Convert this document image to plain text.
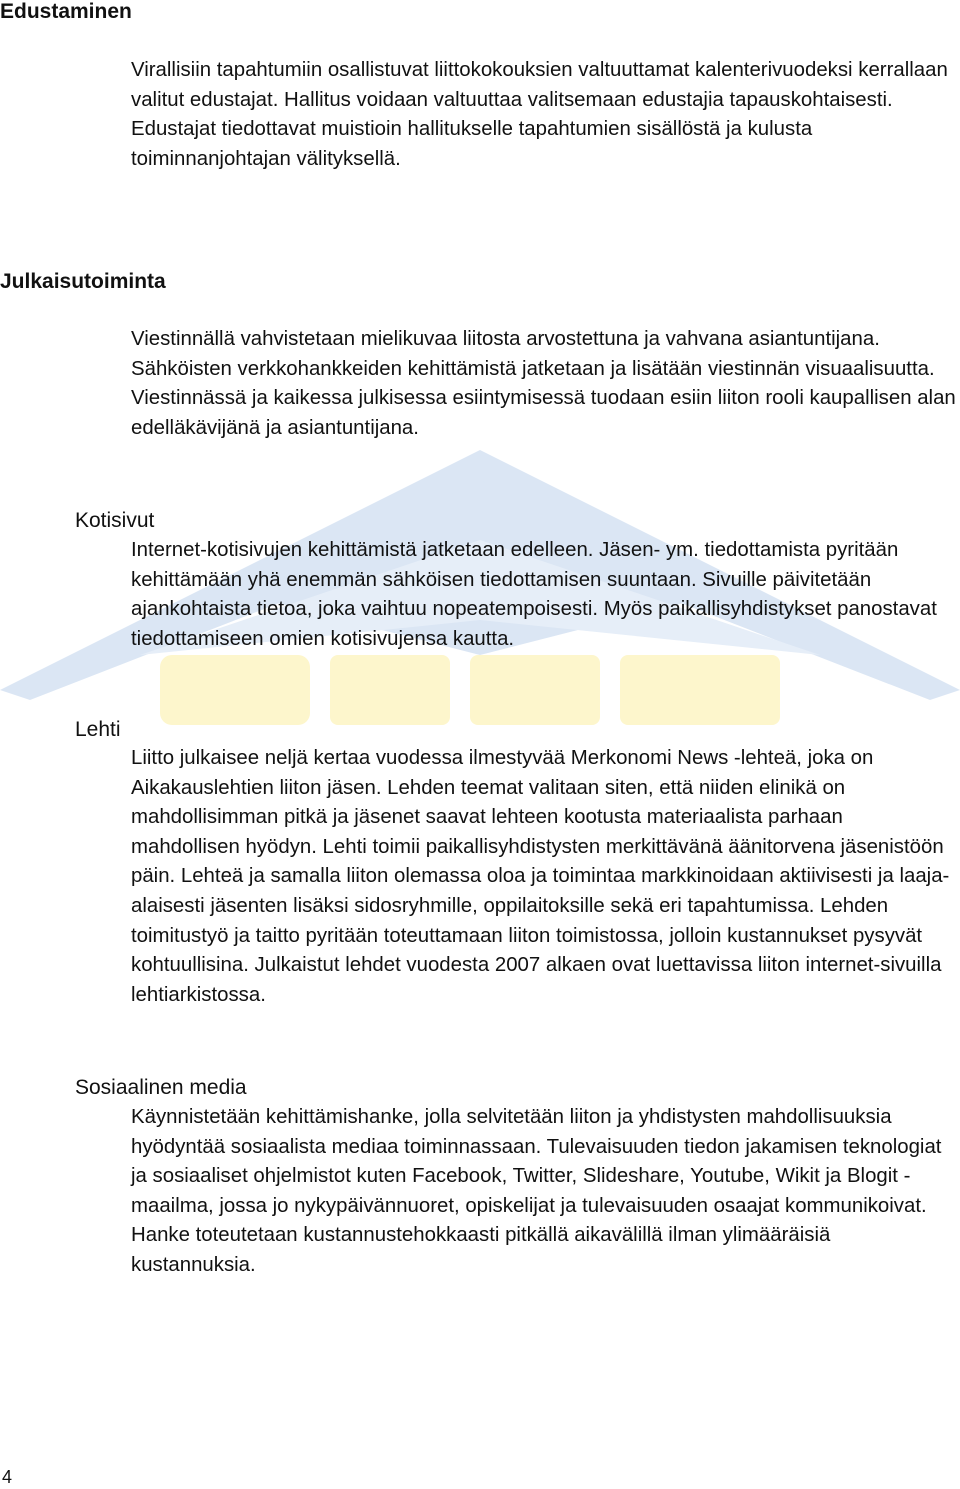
Edustaminen

Virallisiin tapahtumiin osallistuvat liittokokouksien valtuuttamat kalenterivuodeksi kerrallaan valitut edustajat. Hallitus voidaan valtuuttaa valitsemaan edustajia tapauskohtaisesti. Edustajat tiedottavat muistioin hallitukselle tapahtumien sisällöstä ja kulusta toiminnanjohtajan välityksellä.

Julkaisutoiminta

Viestinnällä vahvistetaan mielikuvaa liitosta arvostettuna ja vahvana asiantuntijana. Sähköisten verkkohankkeiden kehittämistä jatketaan ja lisätään viestinnän visuaalisuutta. Viestinnässä ja kaikessa julkisessa esiintymisessä tuodaan esiin liiton rooli kaupallisen alan edelläkävijänä ja asiantuntijana.

Kotisivut

Internet-kotisivujen kehittämistä jatketaan edelleen. Jäsen- ym. tiedottamista pyritään kehittämään yhä enemmän sähköisen tiedottamisen suuntaan. Sivuille päivitetään ajankohtaista tietoa, joka vaihtuu nopeatempoisesti. Myös paikallisyhdistykset panostavat tiedottamiseen omien kotisivujensa kautta.

Lehti

Liitto julkaisee neljä kertaa vuodessa ilmestyvää Merkonomi News -lehteä, joka on Aikakauslehtien liiton jäsen. Lehden teemat valitaan siten, että niiden elinikä on mahdollisimman pitkä ja jäsenet saavat lehteen kootusta materiaalista parhaan mahdollisen hyödyn. Lehti toimii paikallisyhdistysten merkittävänä äänitorvena jäsenistöön päin. Lehteä ja samalla liiton olemassa oloa ja toimintaa markkinoidaan aktiivisesti ja laaja-alaisesti jäsenten lisäksi sidosryhmille, oppilaitoksille sekä eri tapahtumissa. Lehden toimitustyö ja taitto pyritään toteuttamaan liiton toimistossa, jolloin kustannukset pysyvät kohtuullisina. Julkaistut lehdet vuodesta 2007 alkaen ovat luettavissa liiton internet-sivuilla lehtiarkistossa.

Sosiaalinen media

Käynnistetään kehittämishanke, jolla selvitetään liiton ja yhdistysten mahdollisuuksia hyödyntää sosiaalista mediaa toiminnassaan. Tulevaisuuden tiedon jakamisen teknologiat ja sosiaaliset ohjelmistot kuten Facebook, Twitter, Slideshare, Youtube, Wikit ja Blogit - maailma, jossa jo nykypäivännuoret, opiskelijat ja tulevaisuuden osaajat kommunikoivat. Hanke toteutetaan kustannustehokkaasti pitkällä aikavälillä ilman ylimääräisiä kustannuksia.

4
